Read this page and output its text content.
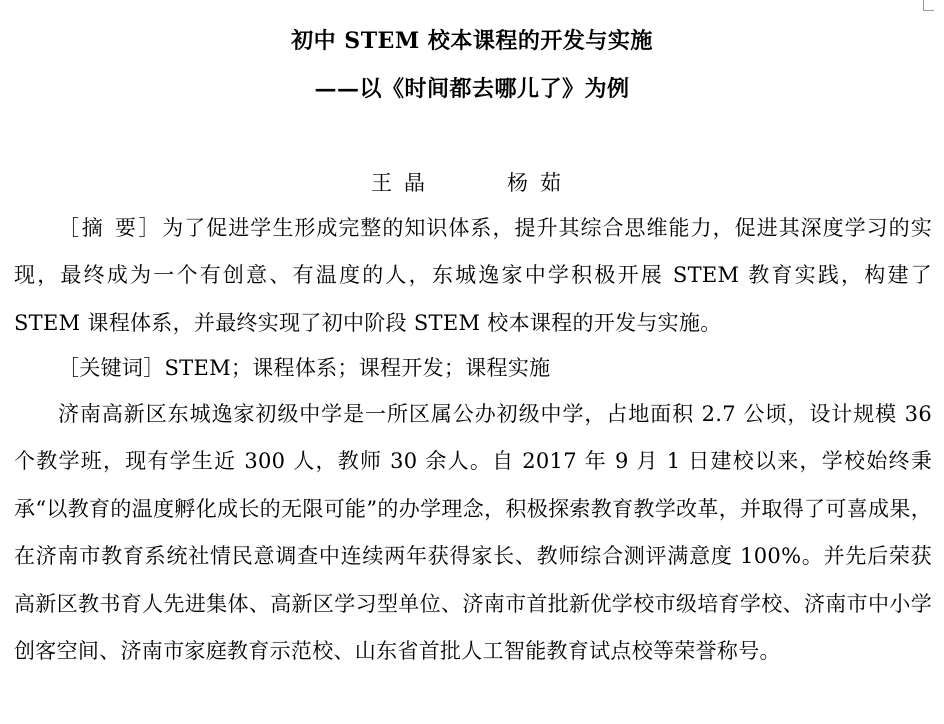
初中 STEM 校本课程的开发与实施
——以《时间都去哪儿了》为例
王晶	杨茹

［摘 要］为了促进学生形成完整的知识体系，提升其综合思维能力，促进其深度学习的实现，最终成为一个有创意、有温度的人，东城逸家中学积极开展 STEM 教育实践，构建了 STEM 课程体系，并最终实现了初中阶段 STEM 校本课程的开发与实施。

［关键词］STEM；课程体系；课程开发；课程实施

济南高新区东城逸家初级中学是一所区属公办初级中学，占地面积 2.7 公顷，设计规模 36 个教学班，现有学生近 300 人，教师 30 余人。自 2017 年 9 月 1 日建校以来，学校始终秉承“以教育的温度孵化成长的无限可能”的办学理念，积极探索教育教学改革，并取得了可喜成果，在济南市教育系统社情民意调查中连续两年获得家长、教师综合测评满意度 100%。并先后荣获高新区教书育人先进集体、高新区学习型单位、济南市首批新优学校市级培育学校、济南市中小学创客空间、济南市家庭教育示范校、山东省首批人工智能教育试点校等荣誉称号。
